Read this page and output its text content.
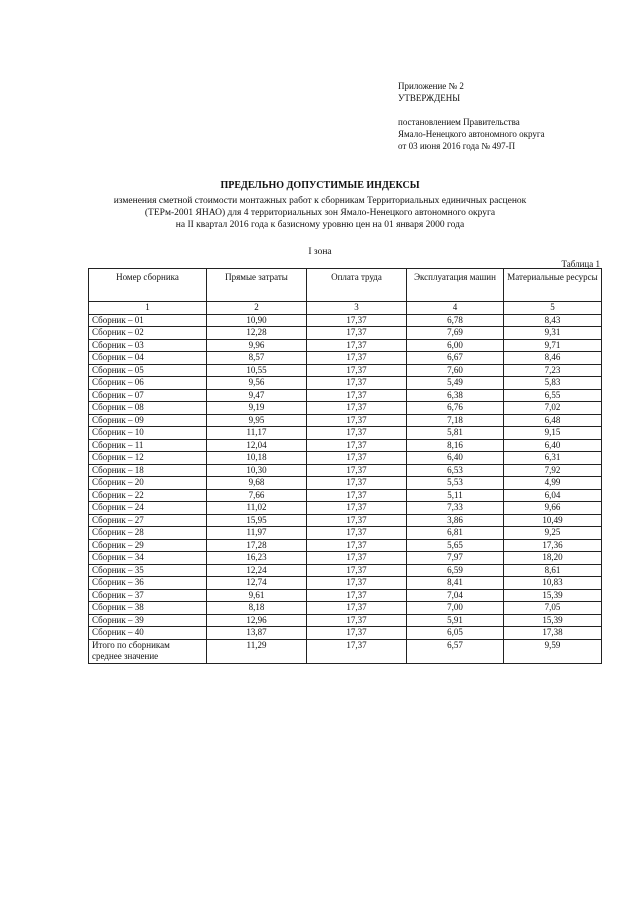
Приложение № 2
УТВЕРЖДЕНЫ
постановлением Правительства
Ямало-Ненецкого автономного округа
от 03 июня 2016 года № 497-П
ПРЕДЕЛЬНО ДОПУСТИМЫЕ ИНДЕКСЫ
изменения сметной стоимости монтажных работ к сборникам Территориальных единичных расценок
(ТЕРм-2001 ЯНАО) для 4 территориальных зон Ямало-Ненецкого автономного округа
на II квартал 2016 года к базисному уровню цен на 01 января 2000 года
I зона
Таблица 1
Номер сборника	Прямые затраты	Оплата труда	Эксплуатация машин	Материальные ресурсы
1	2	3	4	5
Сборник – 01	10,90	17,37	6,78	8,43
Сборник – 02	12,28	17,37	7,69	9,31
Сборник – 03	9,96	17,37	6,00	9,71
Сборник – 04	8,57	17,37	6,67	8,46
Сборник – 05	10,55	17,37	7,60	7,23
Сборник – 06	9,56	17,37	5,49	5,83
Сборник – 07	9,47	17,37	6,38	6,55
Сборник – 08	9,19	17,37	6,76	7,02
Сборник – 09	9,95	17,37	7,18	6,48
Сборник – 10	11,17	17,37	5,81	9,15
Сборник – 11	12,04	17,37	8,16	6,40
Сборник – 12	10,18	17,37	6,40	6,31
Сборник – 18	10,30	17,37	6,53	7,92
Сборник – 20	9,68	17,37	5,53	4,99
Сборник – 22	7,66	17,37	5,11	6,04
Сборник – 24	11,02	17,37	7,33	9,66
Сборник – 27	15,95	17,37	3,86	10,49
Сборник – 28	11,97	17,37	6,81	9,25
Сборник – 29	17,28	17,37	5,65	17,36
Сборник – 34	16,23	17,37	7,97	18,20
Сборник – 35	12,24	17,37	6,59	8,61
Сборник – 36	12,74	17,37	8,41	10,83
Сборник – 37	9,61	17,37	7,04	15,39
Сборник – 38	8,18	17,37	7,00	7,05
Сборник – 39	12,96	17,37	5,91	15,39
Сборник – 40	13,87	17,37	6,05	17,38

Итого по сборникам
среднее значение	11,29	17,37	6,57	9,59
